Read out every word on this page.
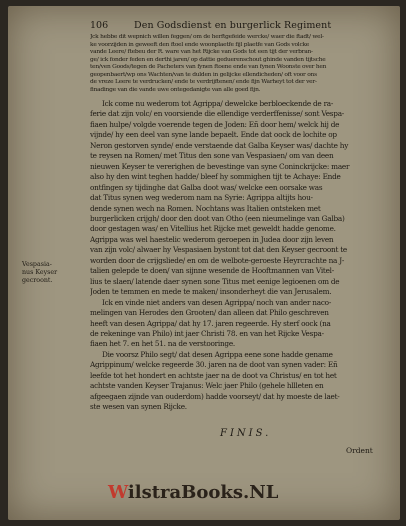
106	Den Godsdienst en burgerlick Regiment
Jck hebbe dit wepnich willen feggen/ om de herftgefeide wercke/ waer die ftadt/ wel-
ke voorzijden in geweeft den ftoel ende woonplaetfe fijl plaetfe van Gods volcke
vande Leere/ ftebeu der R. ware van het Rijcke van Gods tot een tijt der verbran-
ge/ ick fonder feden en derthi jaren/ op dattie geduerenschout ghinde vanden tijtsche
ten/ven Goods/tegen de Pacheters van fynen ftoene ende van fynen Woonste over hen
geopenbaert/wp ons Wachten/van te dulden in gelijcke ellendicheden/ oft voor ons
de vreze Leere te verdrucken/ ende te verdrijftenen/ ende fijn Warheyt tot der ver-
finadinge van die vande uwe ontegedanigte van alle goed fijn.
Ick come nu wederom tot Agrippa/ dewelcke berbloeckende de ra-
ferie dat zijn volc/ en voorsiende die ellendige verderffenisse/ sont Vespa-
fiaen hulpe/ volgde voerende tegen de Joden: Eñ door hem/ welck hij de
vijnde/ hy een deel van syne lande bepaelt. Ende dat oock de lochite op
Neron gestorven synde/ ende verstaende dat Galba Keyser was/ dachte hy
te reysen na Romen/ met Titus den sone van Vespasiaen/ om van deen
nieuwen Keyser te vererighen de bevestinge van syne Coninckrijcke: maer
also hy den wint teghen hadde/ bleef hy sommighen tijt te Achaye: Ende
ontfingen sy tijdinghe dat Galba doot was/ welcke een oorsake was
dat Titus synen weg wederom nam na Syrie: Agrippa altijts hou-
dende synen wech na Romen. Nochtans was Italien ontsteken met
burgerlicken crijgh/ door den doot van Otho (een nieumelinge van Galba)
door gestagen was/ en Vitellius het Rijcke met geweldt hadde genome.
Agrippa was wel haestelic wederom geroepen in Judea door zijn leven
van zijn volc/ alwaer hy Vespasiaen bystont tot dat den Keyser gecroont te
worden door de crijgsliede/ en om de welbote-geroeste Heyrcrachte na J-
talien gelepde te doen/ van sijnne wesende de Hooftmannen van Vitel-
lius te slaen/ latende daer synen sone Titus met eenige legioenen om de
Joden te temmen en mede te maken/ insonderheyt die van Jerusalem.
Ick en vinde niet anders van desen Agrippa/ noch van ander naco-
melingen van Herodes den Grooten/ dan alleen dat Philo geschreven
heeft van desen Agrippa/ dat hy 17. jaren regeerde. Hy sterf oock (na
de rekeninge van Philo) int jaer Christi 78. en van het Rijcke Vespa-
fiaen het 7. en het 51. na de verstooringe.
Die voorsz Philo segt/ dat desen Agrippa eene sone hadde gename
Agrippinum/ welcke regeerde 30. jaren na de doot van synen vader: Eñ
leefde tot het hondert en achtste jaer na de doot va Christus/ en tot het
achtste vanden Keyser Trajanus: Welc jaer Philo (gehele hllleten en
afgeegaen zijnde van ouderdom) hadde voorseyt/ dat hy moeste de laet-
ste wesen van synen Rijcke.
Vespasia-
nus Keyser
gecroont.
FINIS.
Ordent
WilstraBooks.NL
